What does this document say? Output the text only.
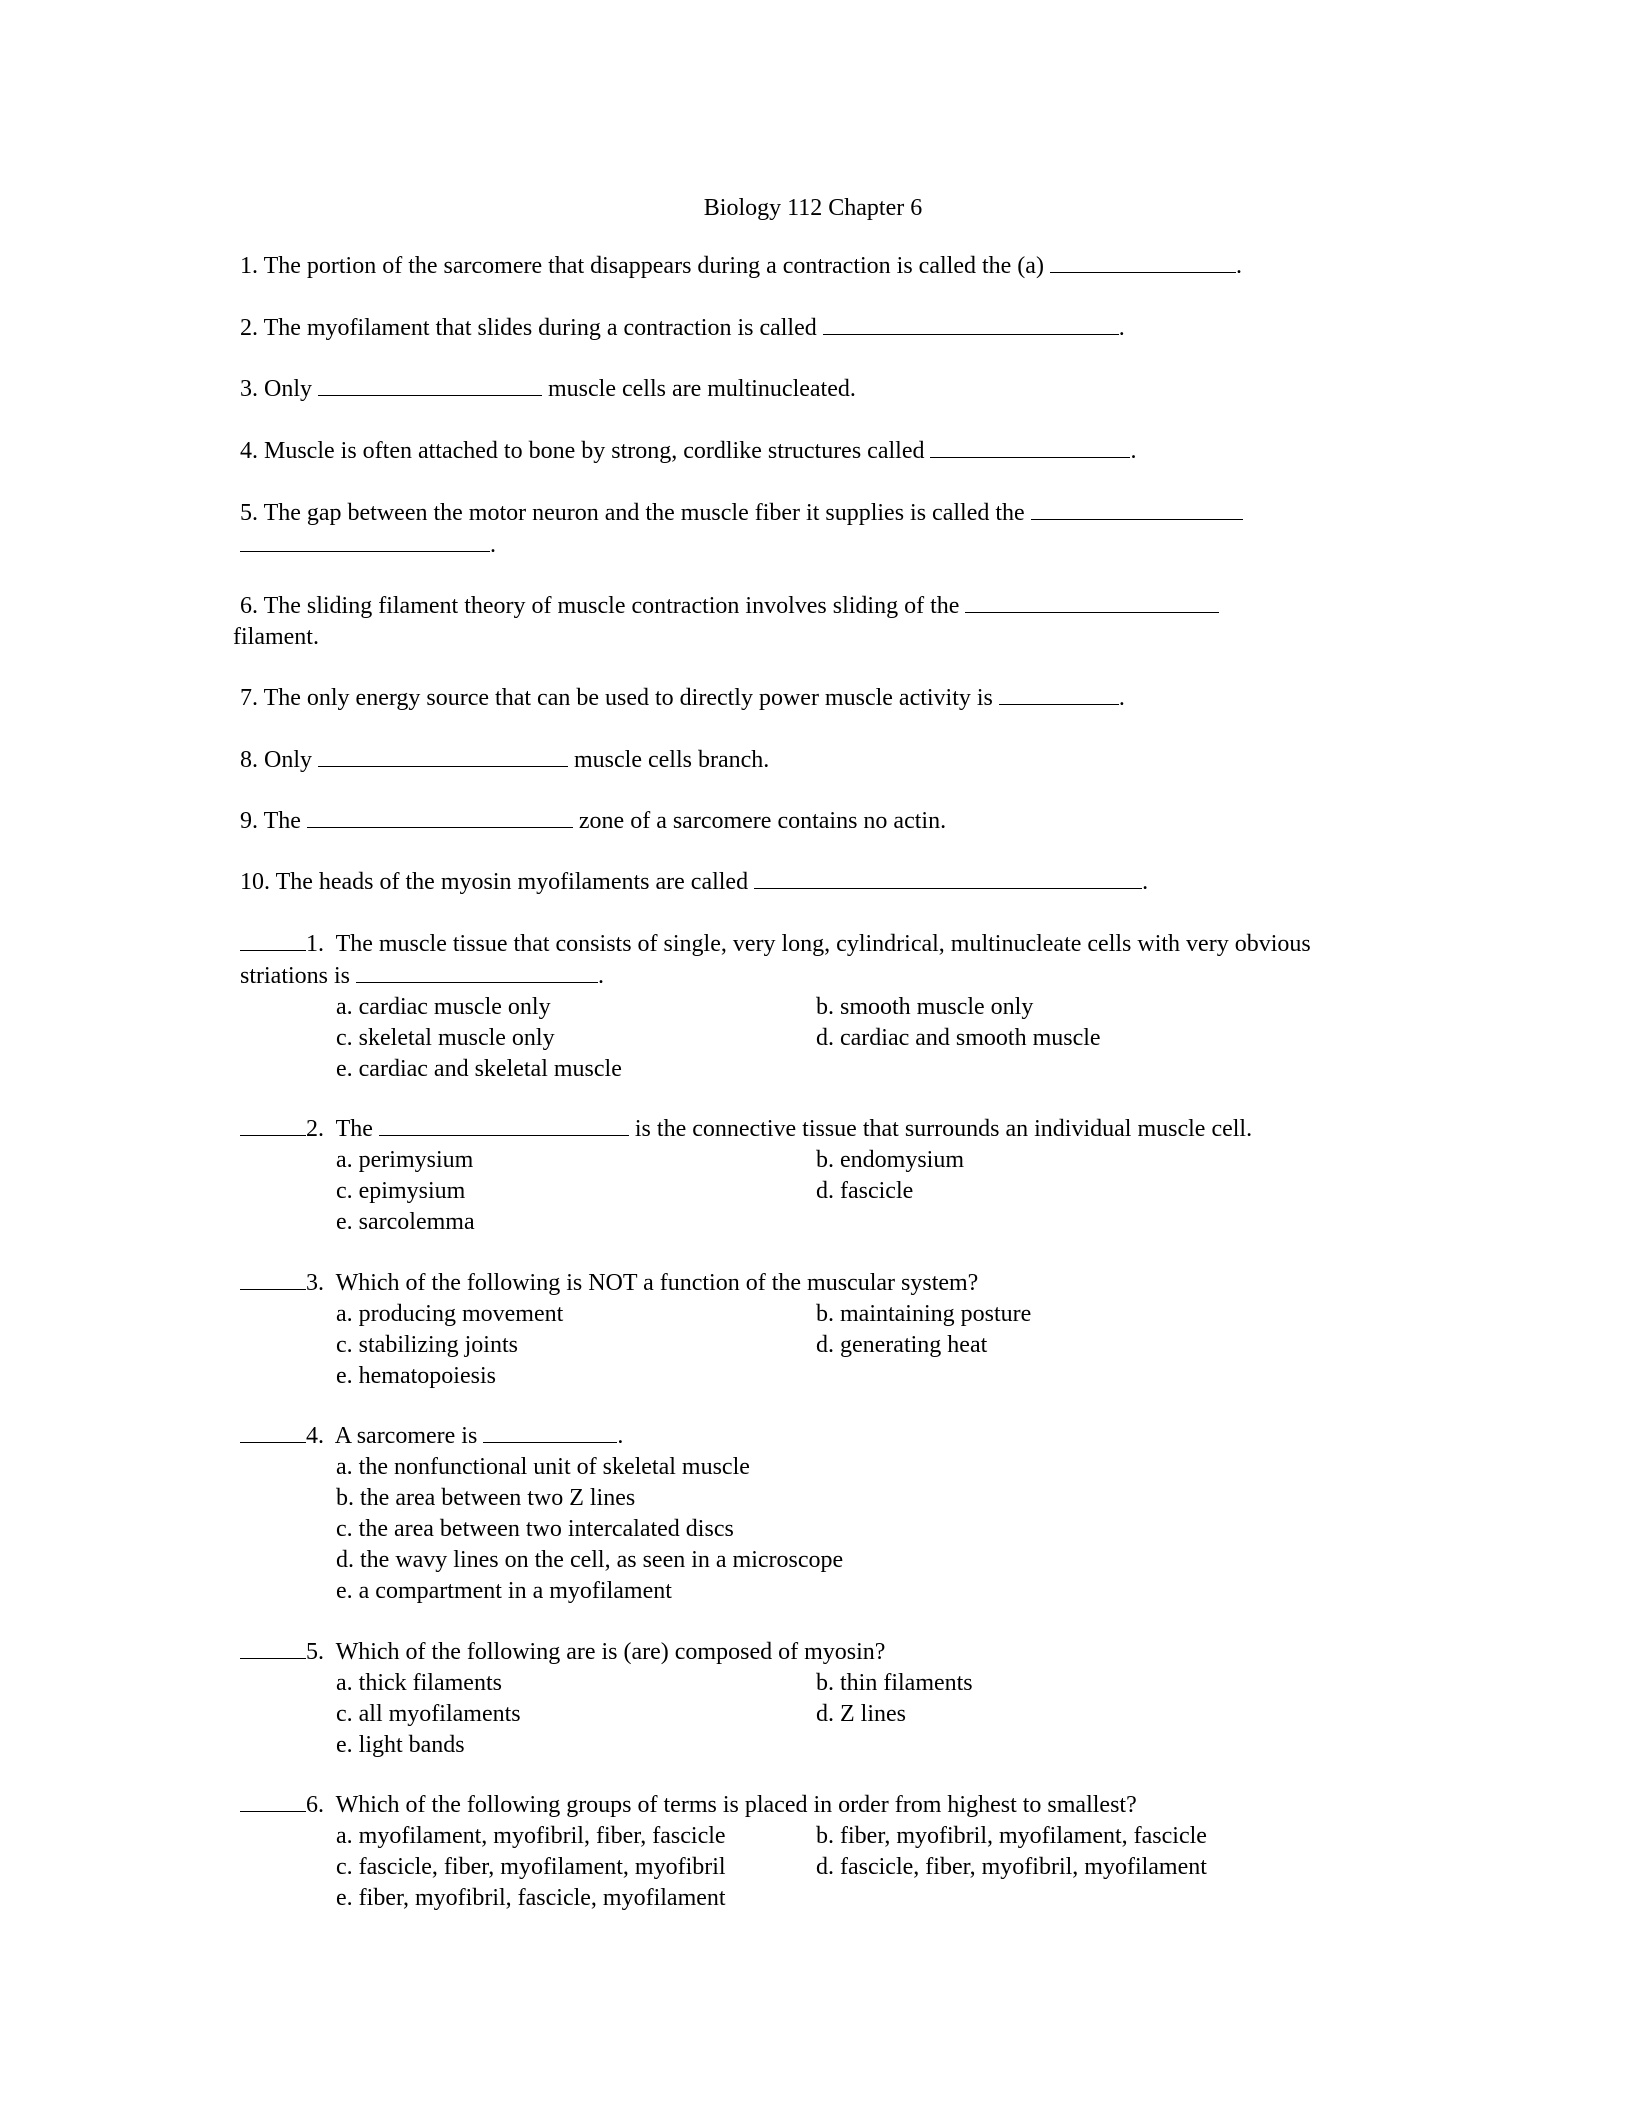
Biology 112 Chapter 6
1. The portion of the sarcomere that disappears during a contraction is called the (a)	.
2. The myofilament that slides during a contraction is called	.
3. Only	muscle cells are multinucleated.
4. Muscle is often attached to bone by strong, cordlike structures called	.
5. The gap between the motor neuron and the muscle fiber it supplies is called the
.
6. The sliding filament theory of muscle contraction involves sliding of the
filament.
7. The only energy source that can be used to directly power muscle activity is	.
8. Only	muscle cells branch.
9. The	zone of a sarcomere contains no actin.
10. The heads of the myosin myofilaments are called	.
1. The muscle tissue that consists of single, very long, cylindrical, multinucleate cells with very obvious striations is	.
a. cardiac muscle only	b. smooth muscle only
c. skeletal muscle only	d. cardiac and smooth muscle
e. cardiac and skeletal muscle
2. The	is the connective tissue that surrounds an individual muscle cell.
a. perimysium	b. endomysium
c. epimysium	d. fascicle
e. sarcolemma
3. Which of the following is NOT a function of the muscular system?
a. producing movement	b. maintaining posture
c. stabilizing joints	d. generating heat
e. hematopoiesis
4. A sarcomere is	.
a. the nonfunctional unit of skeletal muscle
b. the area between two Z lines
c. the area between two intercalated discs
d. the wavy lines on the cell, as seen in a microscope
e. a compartment in a myofilament
5. Which of the following are is (are) composed of myosin?
a. thick filaments	b. thin filaments
c. all myofilaments	d. Z lines
e. light bands
6. Which of the following groups of terms is placed in order from highest to smallest?
a. myofilament, myofibril, fiber, fascicle	b. fiber, myofibril, myofilament, fascicle
c. fascicle, fiber, myofilament, myofibril	d. fascicle, fiber, myofibril, myofilament
e. fiber, myofibril, fascicle, myofilament
